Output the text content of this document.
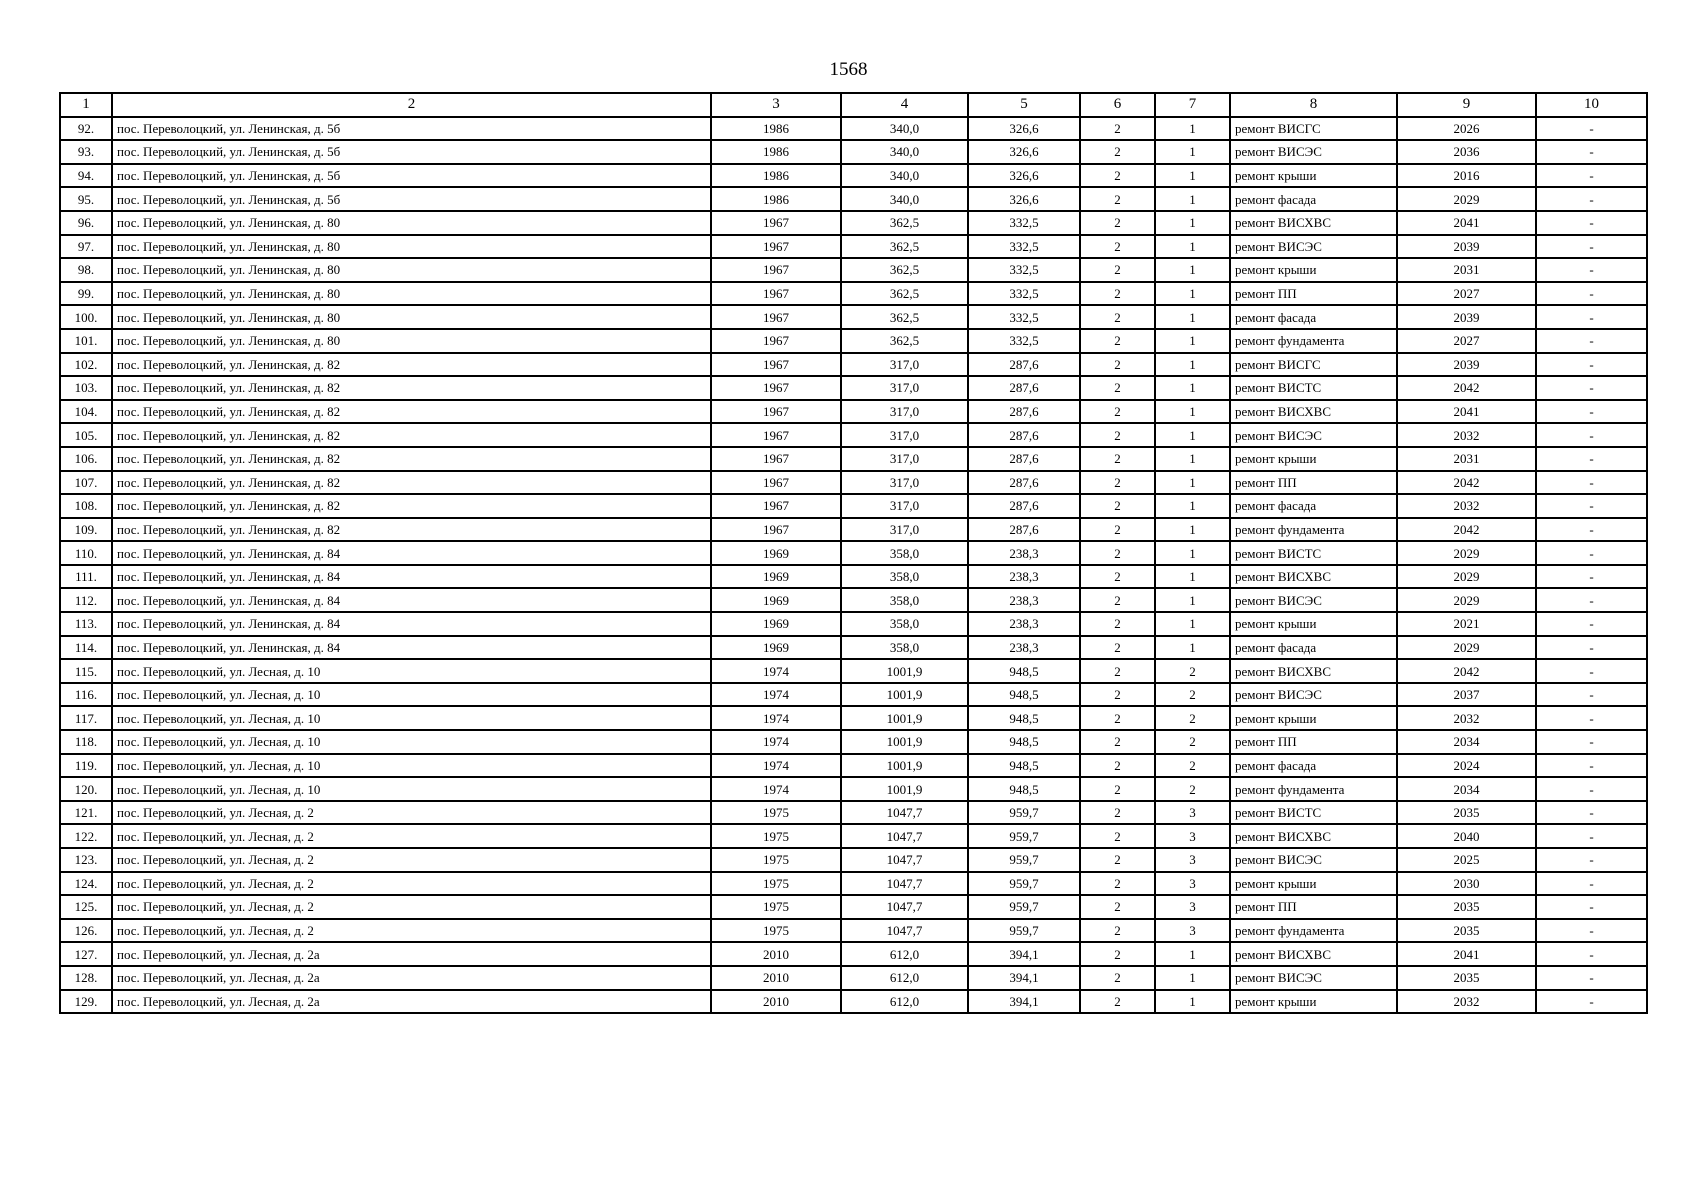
1568
1	2	3	4	5	6	7	8	9	10
92.	пос. Переволоцкий, ул. Ленинская, д. 5б	1986	340,0	326,6	2	1	ремонт ВИСГС	2026	-
93.	пос. Переволоцкий, ул. Ленинская, д. 5б	1986	340,0	326,6	2	1	ремонт ВИСЭС	2036	-
94.	пос. Переволоцкий, ул. Ленинская, д. 5б	1986	340,0	326,6	2	1	ремонт крыши	2016	-
95.	пос. Переволоцкий, ул. Ленинская, д. 5б	1986	340,0	326,6	2	1	ремонт фасада	2029	-
96.	пос. Переволоцкий, ул. Ленинская, д. 80	1967	362,5	332,5	2	1	ремонт ВИСХВС	2041	-
97.	пос. Переволоцкий, ул. Ленинская, д. 80	1967	362,5	332,5	2	1	ремонт ВИСЭС	2039	-
98.	пос. Переволоцкий, ул. Ленинская, д. 80	1967	362,5	332,5	2	1	ремонт крыши	2031	-
99.	пос. Переволоцкий, ул. Ленинская, д. 80	1967	362,5	332,5	2	1	ремонт ПП	2027	-
100.	пос. Переволоцкий, ул. Ленинская, д. 80	1967	362,5	332,5	2	1	ремонт фасада	2039	-
101.	пос. Переволоцкий, ул. Ленинская, д. 80	1967	362,5	332,5	2	1	ремонт фундамента	2027	-
102.	пос. Переволоцкий, ул. Ленинская, д. 82	1967	317,0	287,6	2	1	ремонт ВИСГС	2039	-
103.	пос. Переволоцкий, ул. Ленинская, д. 82	1967	317,0	287,6	2	1	ремонт ВИСТС	2042	-
104.	пос. Переволоцкий, ул. Ленинская, д. 82	1967	317,0	287,6	2	1	ремонт ВИСХВС	2041	-
105.	пос. Переволоцкий, ул. Ленинская, д. 82	1967	317,0	287,6	2	1	ремонт ВИСЭС	2032	-
106.	пос. Переволоцкий, ул. Ленинская, д. 82	1967	317,0	287,6	2	1	ремонт крыши	2031	-
107.	пос. Переволоцкий, ул. Ленинская, д. 82	1967	317,0	287,6	2	1	ремонт ПП	2042	-
108.	пос. Переволоцкий, ул. Ленинская, д. 82	1967	317,0	287,6	2	1	ремонт фасада	2032	-
109.	пос. Переволоцкий, ул. Ленинская, д. 82	1967	317,0	287,6	2	1	ремонт фундамента	2042	-
110.	пос. Переволоцкий, ул. Ленинская, д. 84	1969	358,0	238,3	2	1	ремонт ВИСТС	2029	-
111.	пос. Переволоцкий, ул. Ленинская, д. 84	1969	358,0	238,3	2	1	ремонт ВИСХВС	2029	-
112.	пос. Переволоцкий, ул. Ленинская, д. 84	1969	358,0	238,3	2	1	ремонт ВИСЭС	2029	-
113.	пос. Переволоцкий, ул. Ленинская, д. 84	1969	358,0	238,3	2	1	ремонт крыши	2021	-
114.	пос. Переволоцкий, ул. Ленинская, д. 84	1969	358,0	238,3	2	1	ремонт фасада	2029	-
115.	пос. Переволоцкий, ул. Лесная, д. 10	1974	1001,9	948,5	2	2	ремонт ВИСХВС	2042	-
116.	пос. Переволоцкий, ул. Лесная, д. 10	1974	1001,9	948,5	2	2	ремонт ВИСЭС	2037	-
117.	пос. Переволоцкий, ул. Лесная, д. 10	1974	1001,9	948,5	2	2	ремонт крыши	2032	-
118.	пос. Переволоцкий, ул. Лесная, д. 10	1974	1001,9	948,5	2	2	ремонт ПП	2034	-
119.	пос. Переволоцкий, ул. Лесная, д. 10	1974	1001,9	948,5	2	2	ремонт фасада	2024	-
120.	пос. Переволоцкий, ул. Лесная, д. 10	1974	1001,9	948,5	2	2	ремонт фундамента	2034	-
121.	пос. Переволоцкий, ул. Лесная, д. 2	1975	1047,7	959,7	2	3	ремонт ВИСТС	2035	-
122.	пос. Переволоцкий, ул. Лесная, д. 2	1975	1047,7	959,7	2	3	ремонт ВИСХВС	2040	-
123.	пос. Переволоцкий, ул. Лесная, д. 2	1975	1047,7	959,7	2	3	ремонт ВИСЭС	2025	-
124.	пос. Переволоцкий, ул. Лесная, д. 2	1975	1047,7	959,7	2	3	ремонт крыши	2030	-
125.	пос. Переволоцкий, ул. Лесная, д. 2	1975	1047,7	959,7	2	3	ремонт ПП	2035	-
126.	пос. Переволоцкий, ул. Лесная, д. 2	1975	1047,7	959,7	2	3	ремонт фундамента	2035	-
127.	пос. Переволоцкий, ул. Лесная, д. 2а	2010	612,0	394,1	2	1	ремонт ВИСХВС	2041	-
128.	пос. Переволоцкий, ул. Лесная, д. 2а	2010	612,0	394,1	2	1	ремонт ВИСЭС	2035	-
129.	пос. Переволоцкий, ул. Лесная, д. 2а	2010	612,0	394,1	2	1	ремонт крыши	2032	-
